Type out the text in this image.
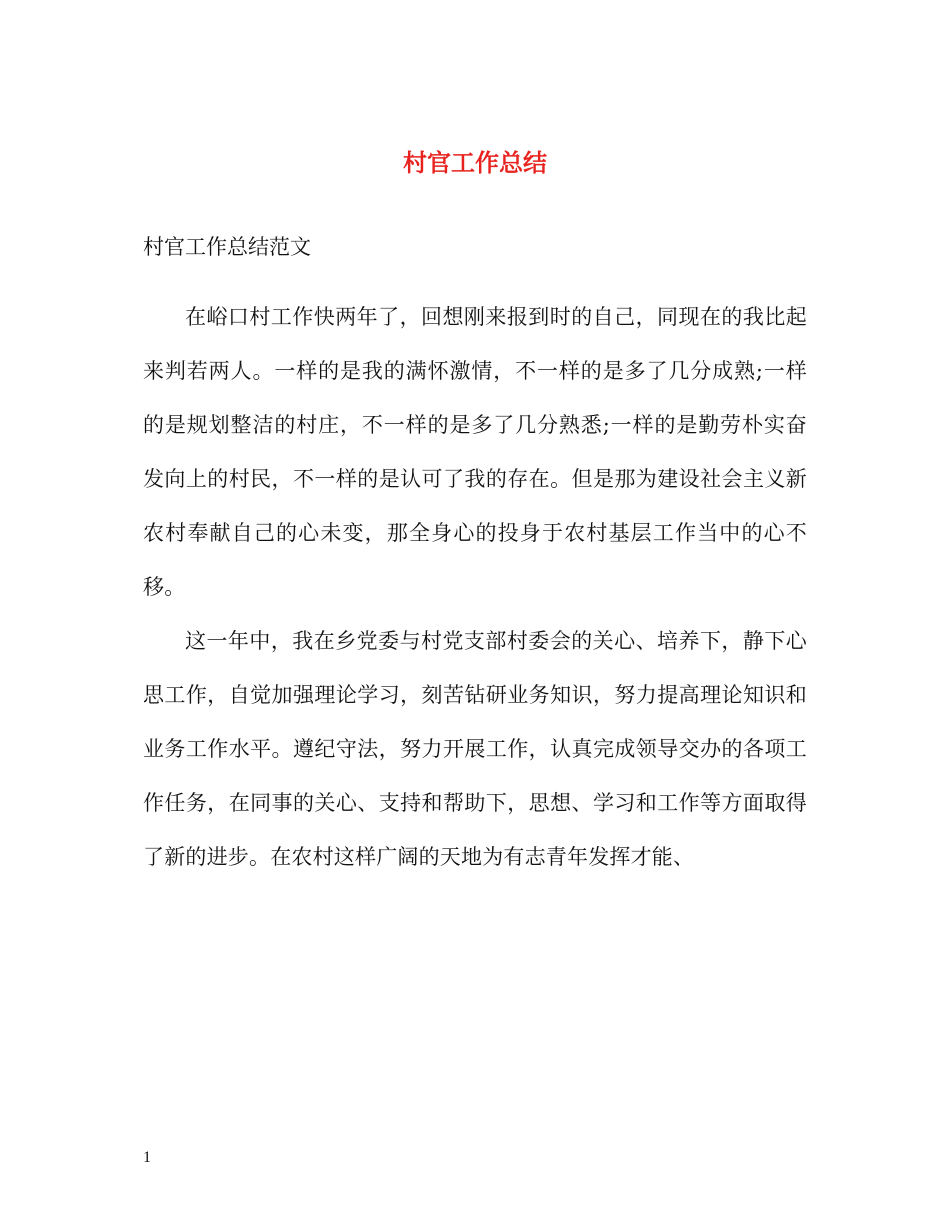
村官工作总结

村官工作总结范文

在峪口村工作快两年了，回想刚来报到时的自己，同现在的我比起来判若两人。一样的是我的满怀激情，不一样的是多了几分成熟;一样的是规划整洁的村庄，不一样的是多了几分熟悉;一样的是勤劳朴实奋发向上的村民，不一样的是认可了我的存在。但是那为建设社会主义新农村奉献自己的心未变，那全身心的投身于农村基层工作当中的心不移。

这一年中，我在乡党委与村党支部村委会的关心、培养下，静下心思工作，自觉加强理论学习，刻苦钻研业务知识，努力提高理论知识和业务工作水平。遵纪守法，努力开展工作，认真完成领导交办的各项工作任务，在同事的关心、支持和帮助下，思想、学习和工作等方面取得了新的进步。在农村这样广阔的天地为有志青年发挥才能、

1
